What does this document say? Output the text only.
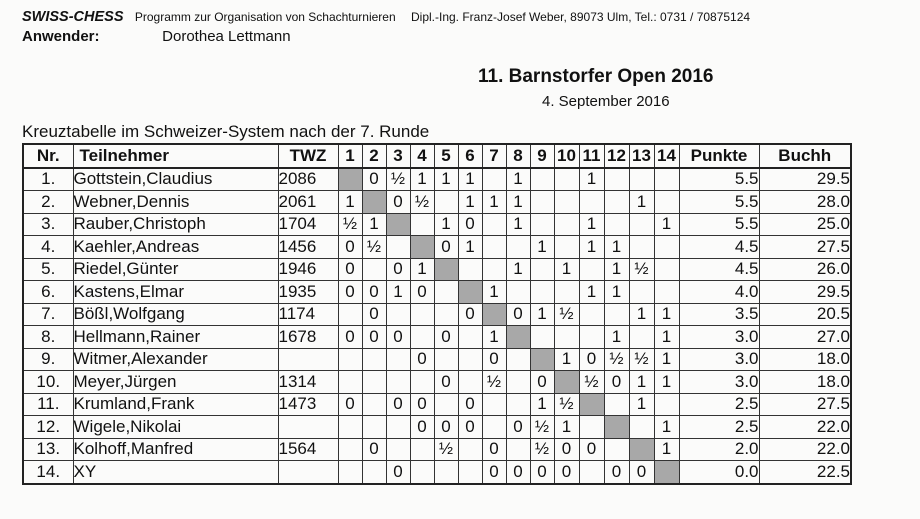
SWISS-CHESS Programm zur Organisation von Schachturnieren Dipl.-Ing. Franz-Josef Weber, 89073 Ulm, Tel.: 0731 / 70875124
Anwender:	Dorothea Lettmann
11. Barnstorfer Open 2016
4. September 2016
Kreuztabelle im Schweizer-System nach der 7. Runde
Nr.	Teilnehmer	TWZ	1	2	3	4	5	6	7	8	9	10	11	12	13	14	Punkte	Buchh
1.	Gottstein,Claudius	2086		0	½	1	1	1		1			1				5.5	29.5
2.	Webner,Dennis	2061	1		0	½		1	1	1					1		5.5	28.0
3.	Rauber,Christoph	1704	½	1			1	0		1			1			1	5.5	25.0
4.	Kaehler,Andreas	1456	0	½			0	1			1		1	1			4.5	27.5
5.	Riedel,Günter	1946	0		0	1				1		1		1	½		4.5	26.0
6.	Kastens,Elmar	1935	0	0	1	0			1				1	1			4.0	29.5
7.	Bößl,Wolfgang	1174		0				0		0	1	½			1	1	3.5	20.5
8.	Hellmann,Rainer	1678	0	0	0		0		1					1		1	3.0	27.0
9.	Witmer,Alexander					0			0			1	0	½	½	1	3.0	18.0
10.	Meyer,Jürgen	1314					0		½		0		½	0	1	1	3.0	18.0
11.	Krumland,Frank	1473	0		0	0		0			1	½			1		2.5	27.5
12.	Wigele,Nikolai					0	0	0		0	½	1				1	2.5	22.0
13.	Kolhoff,Manfred	1564		0			½		0		½	0	0			1	2.0	22.0
14.	XY				0				0	0	0	0		0	0		0.0	22.5
